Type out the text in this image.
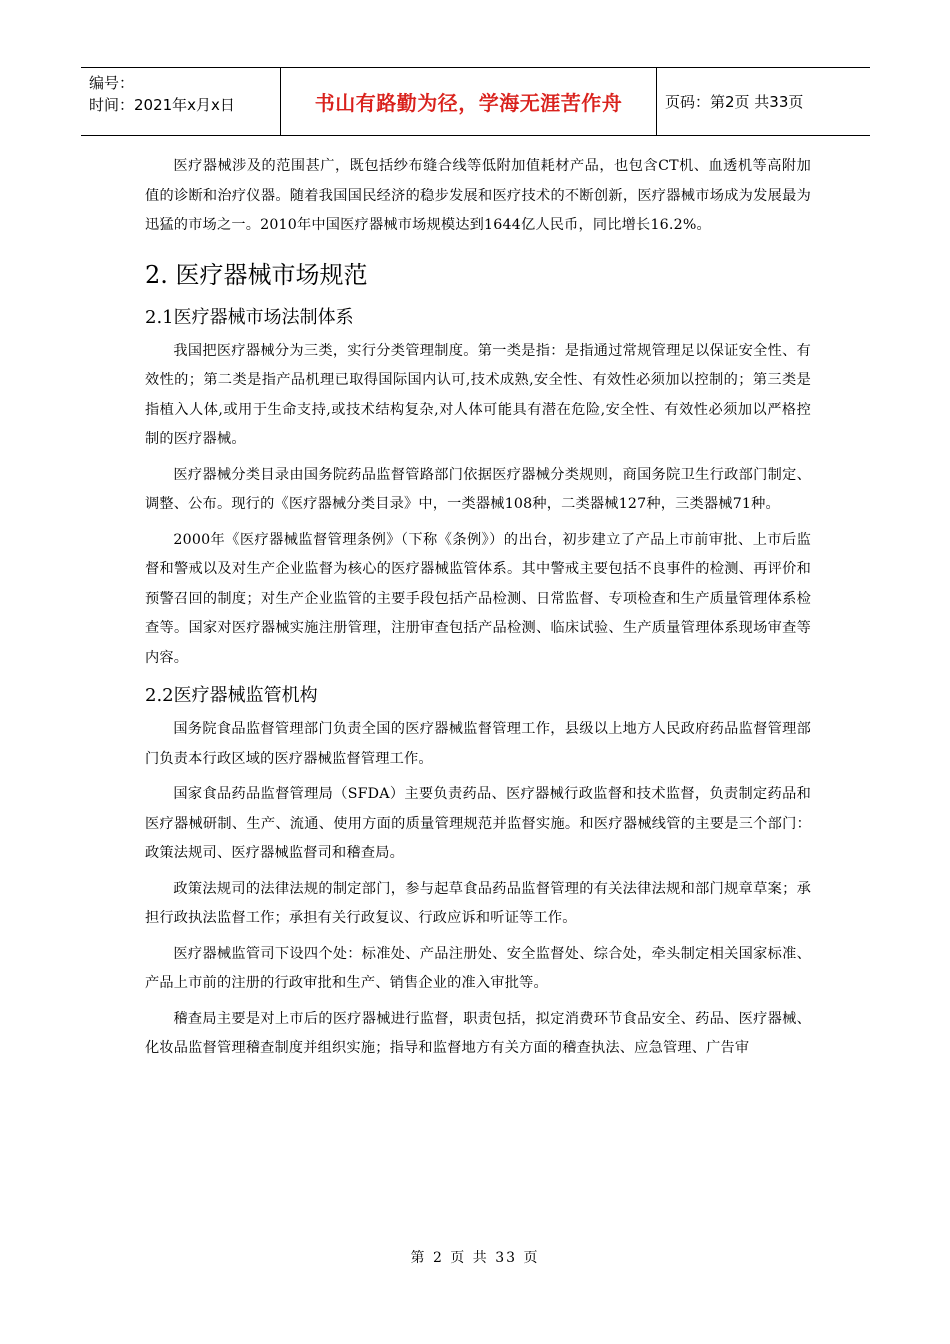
编号：
时间：2021年x月x日	书山有路勤为径，学海无涯苦作舟	页码：第2页 共33页

医疗器械涉及的范围甚广，既包括纱布缝合线等低附加值耗材产品，也包含CT机、血透机等高附加值的诊断和治疗仪器。随着我国国民经济的稳步发展和医疗技术的不断创新，医疗器械市场成为发展最为迅猛的市场之一。2010年中国医疗器械市场规模达到1644亿人民币，同比增长16.2%。

2. 医疗器械市场规范
2.1医疗器械市场法制体系

我国把医疗器械分为三类，实行分类管理制度。第一类是指：是指通过常规管理足以保证安全性、有效性的；第二类是指产品机理已取得国际国内认可,技术成熟,安全性、有效性必须加以控制的；第三类是指植入人体,或用于生命支持,或技术结构复杂,对人体可能具有潜在危险,安全性、有效性必须加以严格控制的医疗器械。

医疗器械分类目录由国务院药品监督管路部门依据医疗器械分类规则，商国务院卫生行政部门制定、调整、公布。现行的《医疗器械分类目录》中，一类器械108种，二类器械127种，三类器械71种。

2000年《医疗器械监督管理条例》（下称《条例》）的出台，初步建立了产品上市前审批、上市后监督和警戒以及对生产企业监督为核心的医疗器械监管体系。其中警戒主要包括不良事件的检测、再评价和预警召回的制度；对生产企业监管的主要手段包括产品检测、日常监督、专项检查和生产质量管理体系检查等。国家对医疗器械实施注册管理，注册审查包括产品检测、临床试验、生产质量管理体系现场审查等内容。

2.2医疗器械监管机构

国务院食品监督管理部门负责全国的医疗器械监督管理工作，县级以上地方人民政府药品监督管理部门负责本行政区域的医疗器械监督管理工作。

国家食品药品监督管理局（SFDA）主要负责药品、医疗器械行政监督和技术监督，负责制定药品和医疗器械研制、生产、流通、使用方面的质量管理规范并监督实施。和医疗器械线管的主要是三个部门：政策法规司、医疗器械监督司和稽查局。

政策法规司的法律法规的制定部门，参与起草食品药品监督管理的有关法律法规和部门规章草案；承担行政执法监督工作；承担有关行政复议、行政应诉和听证等工作。

医疗器械监管司下设四个处：标准处、产品注册处、安全监督处、综合处，牵头制定相关国家标准、产品上市前的注册的行政审批和生产、销售企业的准入审批等。

稽查局主要是对上市后的医疗器械进行监督，职责包括，拟定消费环节食品安全、药品、医疗器械、化妆品监督管理稽查制度并组织实施；指导和监督地方有关方面的稽查执法、应急管理、广告审

第 2 页 共 33 页
